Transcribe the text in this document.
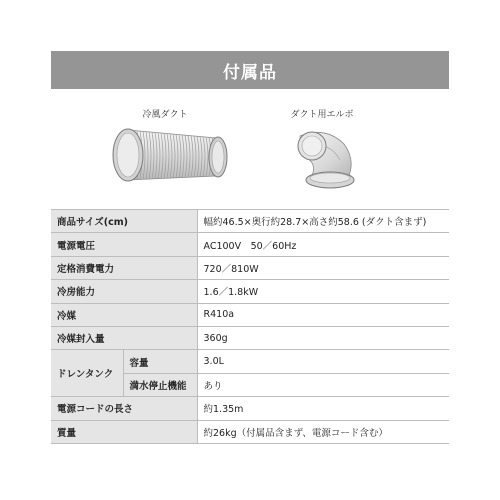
付属品
冷風ダクト	ダクト用エルボ
商品サイズ(cm)		幅約46.5×奥行約28.7×高さ約58.6 (ダクト含まず)
電源電圧		AC100V　50／60Hz
定格消費電力		720／810W
冷房能力		1.6／1.8kW
冷媒		R410a
冷媒封入量		360g
ドレンタンク	容量	3.0L
	満水停止機能	あり
電源コードの長さ		約1.35m
質量		約26kg（付属品含まず、電源コード含む）
